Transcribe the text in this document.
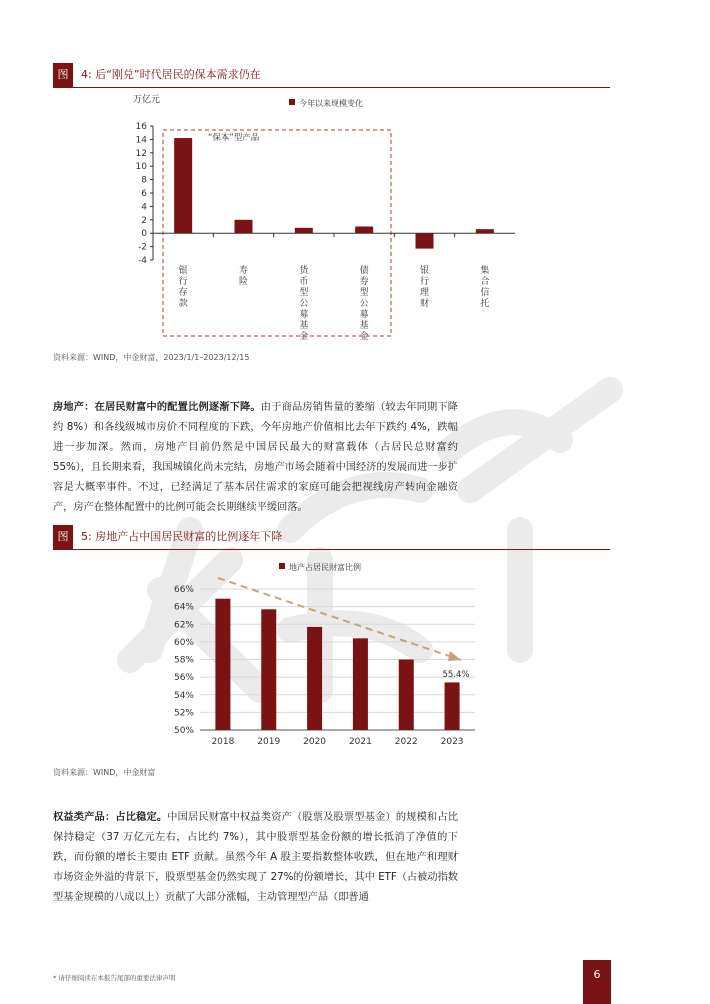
图	4: 后“刚兑”时代居民的保本需求仍在
万亿元	今年以来规模变化
“保本”型产品
-4
-2
0
2
4
6
8
10
12
14
16
银行存款
寿险
货币型公募基金
债券型公募基金
银行理财
集合信托
资料来源：WIND，中金财富，2023/1/1–2023/12/15
房地产：在居民财富中的配置比例逐渐下降。由于商品房销售量的萎缩（较去年同期下降约 8%）和各线级城市房价不同程度的下跌，今年房地产价值相比去年下跌约 4%，跌幅进一步加深。然而，房地产目前仍然是中国居民最大的财富载体（占居民总财富约 55%），且长期来看，我国城镇化尚未完结，房地产市场会随着中国经济的发展而进一步扩容是大概率事件。不过，已经满足了基本居住需求的家庭可能会把视线房产转向金融资产，房产在整体配置中的比例可能会长期继续平缓回落。
图	5: 房地产占中国居民财富的比例逐年下降
地产占居民财富比例
50%
52%
54%
56%
58%
60%
62%
64%
66%
2018	2019	2020	2021	2022	2023
55.4%
资料来源：WIND，中金财富
权益类产品：占比稳定。中国居民财富中权益类资产（股票及股票型基金）的规模和占比保持稳定（37 万亿元左右，占比约 7%），其中股票型基金份额的增长抵消了净值的下跌，而份额的增长主要由 ETF 贡献。虽然今年 A 股主要指数整体收跌，但在地产和理财市场资金外溢的背景下，股票型基金仍然实现了 27%的份额增长，其中 ETF（占被动指数型基金规模的八成以上）贡献了大部分涨幅，主动管理型产品（即普通
* 请仔细阅读在本报告尾部的重要法律声明	6
